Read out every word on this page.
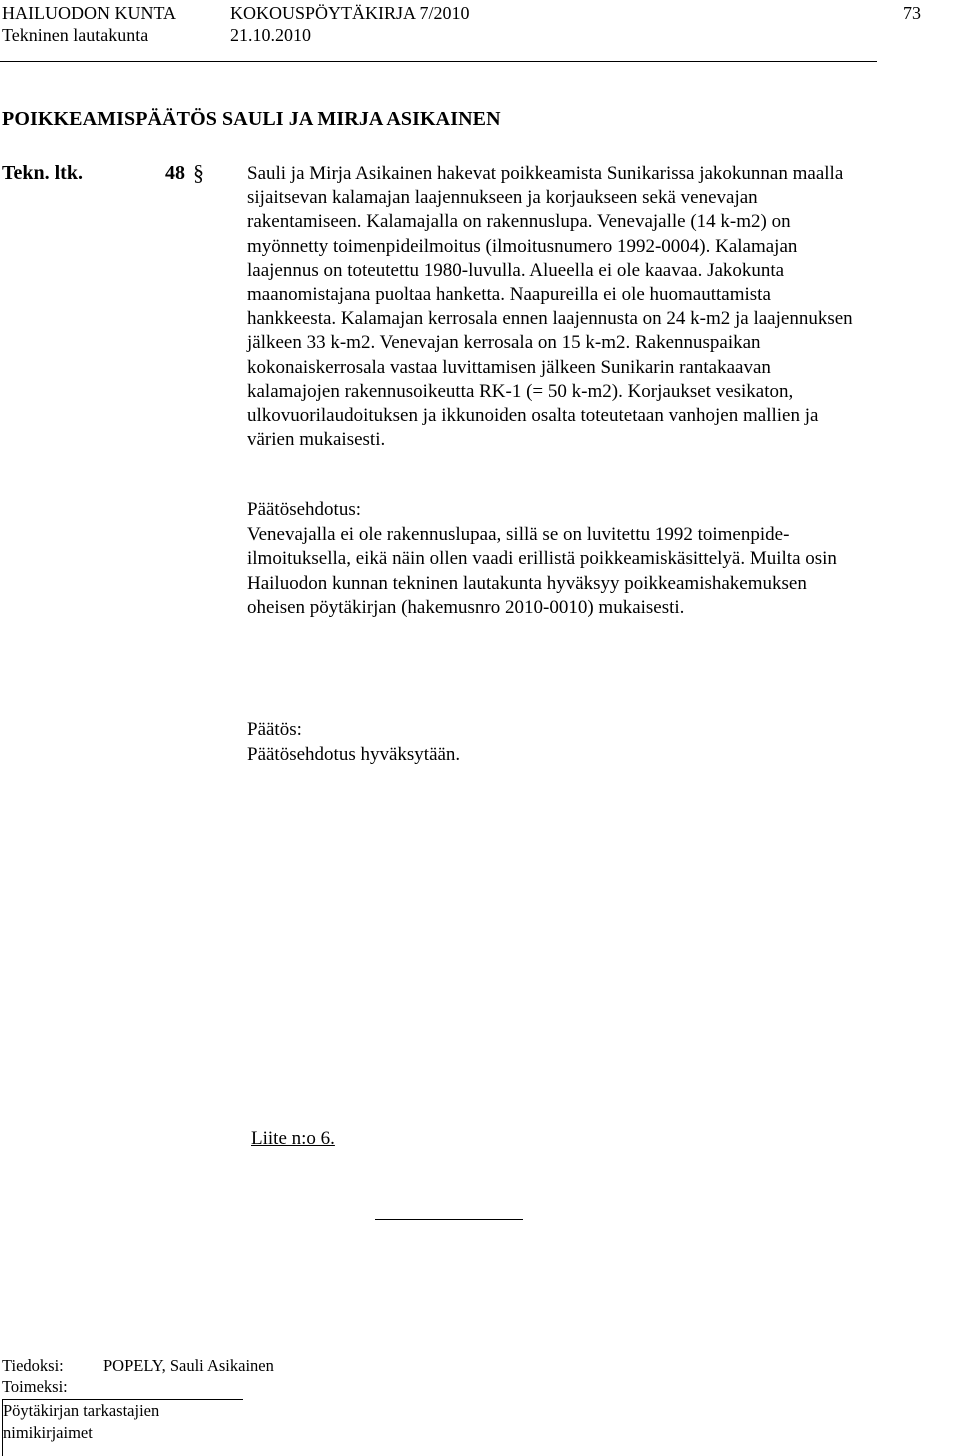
HAILUODON KUNTA	KOKOUSPÖYTÄKIRJA 7/2010	73
Tekninen lautakunta	21.10.2010
POIKKEAMISPÄÄTÖS SAULI JA MIRJA ASIKAINEN
Tekn. ltk.	48 § Sauli ja Mirja Asikainen hakevat poikkeamista Sunikarissa jakokunnan maalla
sijaitsevan kalamajan laajennukseen ja korjaukseen sekä venevajan
rakentamiseen. Kalamajalla on rakennuslupa. Venevajalle (14 k-m2) on
myönnetty toimenpideilmoitus (ilmoitusnumero 1992-0004). Kalamajan
laajennus on toteutettu 1980-luvulla. Alueella ei ole kaavaa. Jakokunta
maanomistajana puoltaa hanketta. Naapureilla ei ole huomauttamista
hankkeesta. Kalamajan kerrosala ennen laajennusta on 24 k-m2 ja laajennuksen
jälkeen 33 k-m2. Venevajan kerrosala on 15 k-m2. Rakennuspaikan
kokonaiskerrosala vastaa luvittamisen jälkeen Sunikarin rantakaavan
kalamajojen rakennusoikeutta RK-1 (= 50 k-m2). Korjaukset vesikaton,
ulkovuorilaudoituksen ja ikkunoiden osalta toteutetaan vanhojen mallien ja
värien mukaisesti.
Päätösehdotus:
Venevajalla ei ole rakennuslupaa, sillä se on luvitettu 1992 toimenpide-
ilmoituksella, eikä näin ollen vaadi erillistä poikkeamiskäsittelyä. Muilta osin
Hailuodon kunnan tekninen lautakunta hyväksyy poikkeamishakemuksen
oheisen pöytäkirjan (hakemusnro 2010-0010) mukaisesti.
Päätös:
Päätösehdotus hyväksytään.
Liite n:o 6.
Tiedoksi: POPELY, Sauli Asikainen
Toimeksi:
Pöytäkirjan tarkastajien
nimikirjaimet
